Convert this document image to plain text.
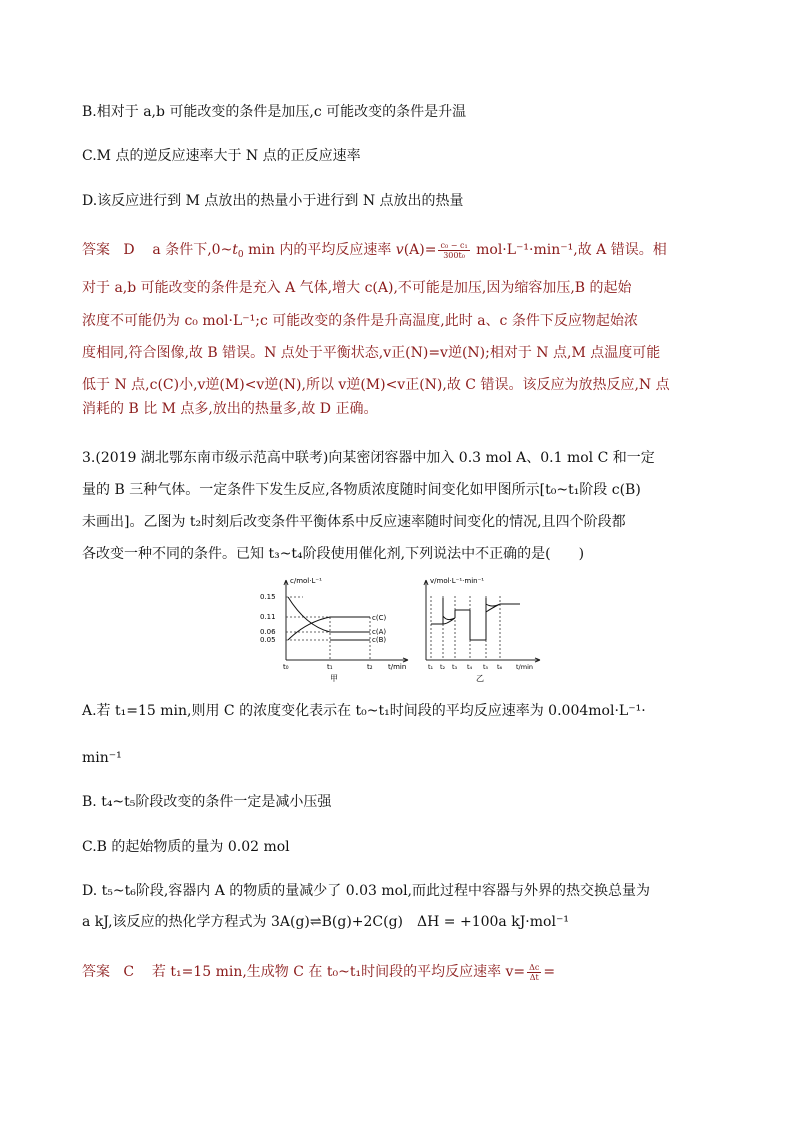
B.相对于 a,b 可能改变的条件是加压,c 可能改变的条件是升温
C.M 点的逆反应速率大于 N 点的正反应速率
D.该反应进行到 M 点放出的热量小于进行到 N 点放出的热量
答案 D a 条件下$,0\sim t_0$ min 内的平均反应速率 $v(A)= \frac{\text{c₀ − c₁}}{\text{300t₀}} mol\cdot L^{-1}\cdot\min^{-1}$,故 A 错误。相
对于 a,b 可能改变的条件是充入 A 气体,增大 c(A),不可能是加压,因为缩容加压,B 的起始
浓度不可能仍为 c₀ mol·L⁻¹;c 可能改变的条件是升高温度,此时 a、c 条件下反应物起始浓
度相同,符合图像,故 B 错误。N 点处于平衡状态,v正(N)=v逆(N);相对于 N 点,M 点温度可能
低于 N 点,c(C)小,v逆(M)<v逆(N),所以 v逆(M)<v正(N),故 C 错误。该反应为放热反应,N 点
消耗的 B 比 M 点多,放出的热量多,故 D 正确。
3.(2019 湖北鄂东南市级示范高中联考)向某密闭容器中加入 0.3 mol A、0.1 mol C 和一定
量的 B 三种气体。一定条件下发生反应,各物质浓度随时间变化如甲图所示[t₀~t₁阶段 c(B)
未画出]。乙图为 t₂时刻后改变条件平衡体系中反应速率随时间变化的情况,且四个阶段都
各改变一种不同的条件。已知 t₃~t₄阶段使用催化剂,下列说法中不正确的是(　　)
c/mol·L⁻¹
0.15
0.11
0.06
0.05
c(C)
c(A)
c(B)
t₀	t₁	t₂ t/min
甲
v/mol·L⁻¹·min⁻¹
t₁ t₂ t₃ t₄ t₅ t₆ t/min
乙
A.若 t₁=15 min,则用 C 的浓度变化表示在 t₀~t₁时间段的平均反应速率为 0.004mol·L⁻¹·
min⁻¹
B. t₄~t₅阶段改变的条件一定是减小压强
C.B 的起始物质的量为 0.02 mol
D. t₅~t₆阶段,容器内 A 的物质的量减少了 0.03 mol,而此过程中容器与外界的热交换总量为
a kJ,该反应的热化学方程式为 3A(g)⇌B(g)+2C(g)　ΔH = +100a kJ·mol⁻¹
答案 C 若 t₁=15 min,生成物 C 在 t₀~t₁时间段的平均反应速率 $v= \frac{\Delta c}{\Delta t}$ =
